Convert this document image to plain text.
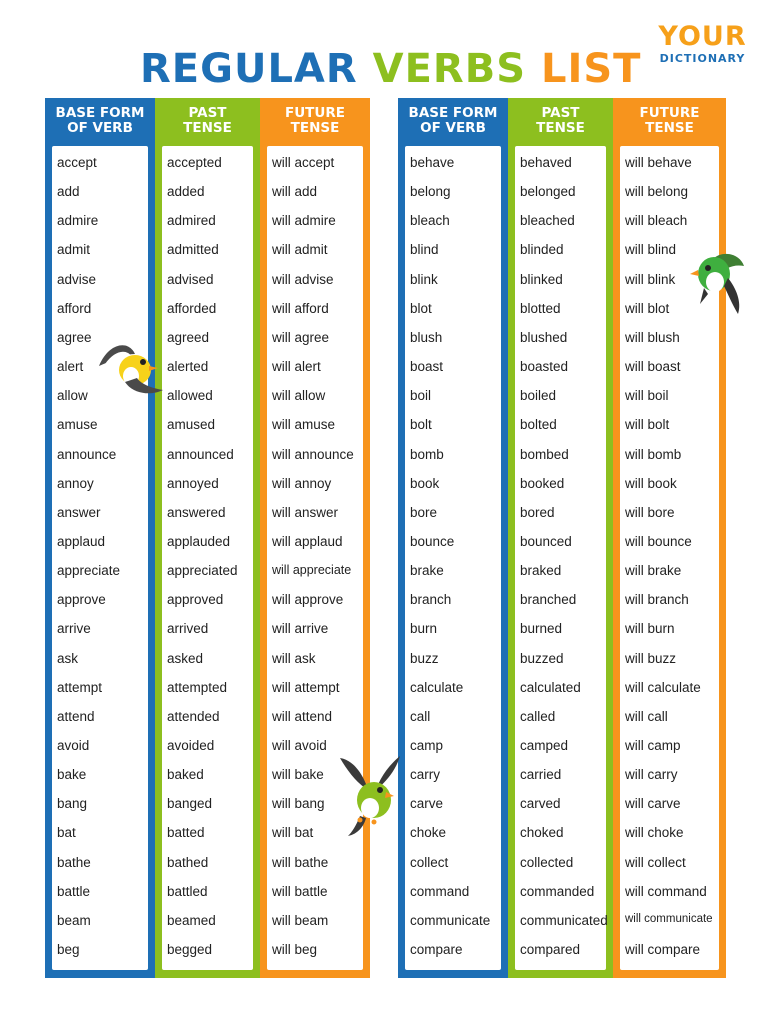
REGULAR VERBS LIST
YOUR
DICTIONARY
BASE FORM
OF VERB
accept
add
admire
admit
advise
afford
agree
alert
allow
amuse
announce
annoy
answer
applaud
appreciate
approve
arrive
ask
attempt
attend
avoid
bake
bang
bat
bathe
battle
beam
beg
PAST
TENSE
accepted
added
admired
admitted
advised
afforded
agreed
alerted
allowed
amused
announced
annoyed
answered
applauded
appreciated
approved
arrived
asked
attempted
attended
avoided
baked
banged
batted
bathed
battled
beamed
begged
FUTURE
TENSE
will accept
will add
will admire
will admit
will advise
will afford
will agree
will alert
will allow
will amuse
will announce
will annoy
will answer
will applaud
will appreciate
will approve
will arrive
will ask
will attempt
will attend
will avoid
will bake
will bang
will bat
will bathe
will battle
will beam
will beg
BASE FORM
OF VERB
behave
belong
bleach
blind
blink
blot
blush
boast
boil
bolt
bomb
book
bore
bounce
brake
branch
burn
buzz
calculate
call
camp
carry
carve
choke
collect
command
communicate
compare
PAST
TENSE
behaved
belonged
bleached
blinded
blinked
blotted
blushed
boasted
boiled
bolted
bombed
booked
bored
bounced
braked
branched
burned
buzzed
calculated
called
camped
carried
carved
choked
collected
commanded
communicated
compared
FUTURE
TENSE
will behave
will belong
will bleach
will blind
will blink
will blot
will blush
will boast
will boil
will bolt
will bomb
will book
will bore
will bounce
will brake
will branch
will burn
will buzz
will calculate
will call
will camp
will carry
will carve
will choke
will collect
will command
will communicate
will compare
